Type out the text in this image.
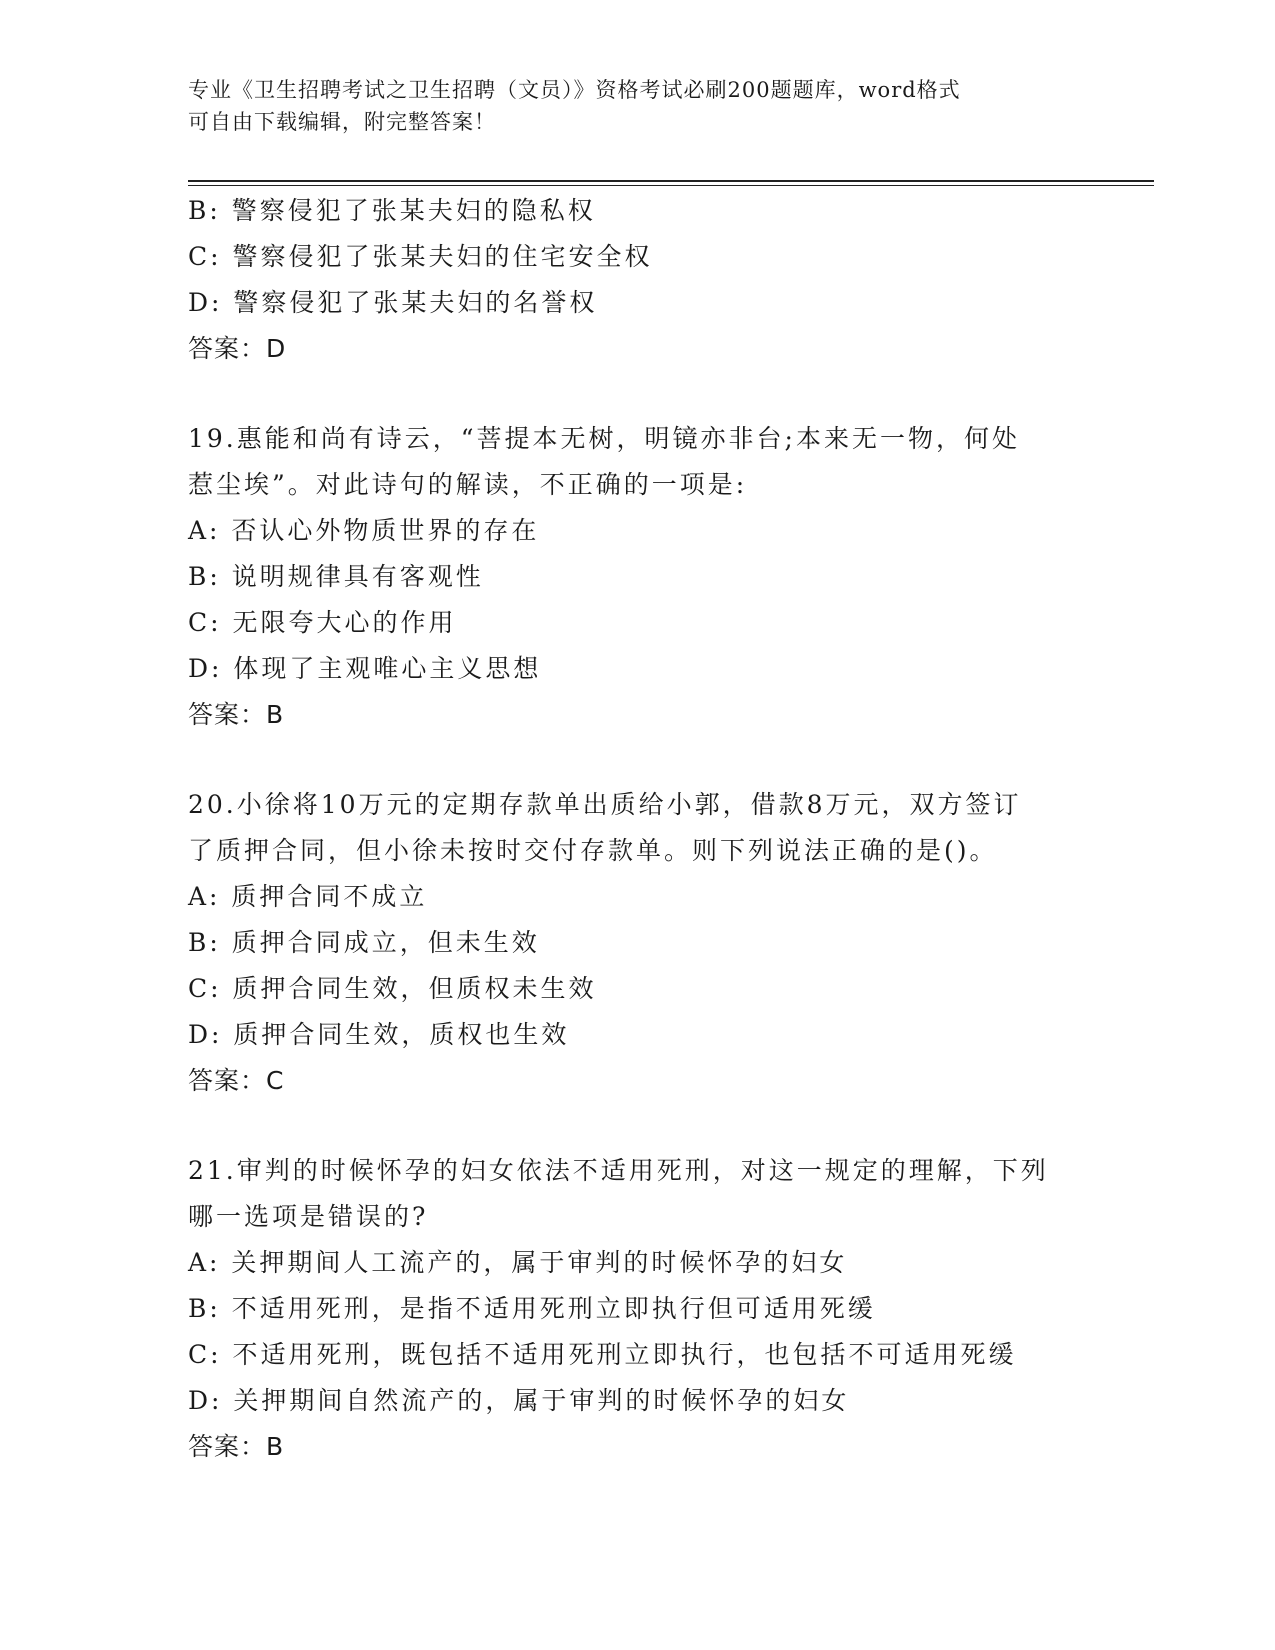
专业《卫生招聘考试之卫生招聘（文员）》资格考试必刷200题题库，word格式
可自由下载编辑，附完整答案！
B: 警察侵犯了张某夫妇的隐私权
C: 警察侵犯了张某夫妇的住宅安全权
D: 警察侵犯了张某夫妇的名誉权
答案：D
19.惠能和尚有诗云，“菩提本无树，明镜亦非台;本来无一物，何处
惹尘埃”。对此诗句的解读，不正确的一项是:
A: 否认心外物质世界的存在
B: 说明规律具有客观性
C: 无限夸大心的作用
D: 体现了主观唯心主义思想
答案：B
20.小徐将10万元的定期存款单出质给小郭，借款8万元，双方签订
了质押合同，但小徐未按时交付存款单。则下列说法正确的是()。
A: 质押合同不成立
B: 质押合同成立，但未生效
C: 质押合同生效，但质权未生效
D: 质押合同生效，质权也生效
答案：C
21.审判的时候怀孕的妇女依法不适用死刑，对这一规定的理解，下列
哪一选项是错误的?
A: 关押期间人工流产的，属于审判的时候怀孕的妇女
B: 不适用死刑，是指不适用死刑立即执行但可适用死缓
C: 不适用死刑，既包括不适用死刑立即执行，也包括不可适用死缓
D: 关押期间自然流产的，属于审判的时候怀孕的妇女
答案：B
